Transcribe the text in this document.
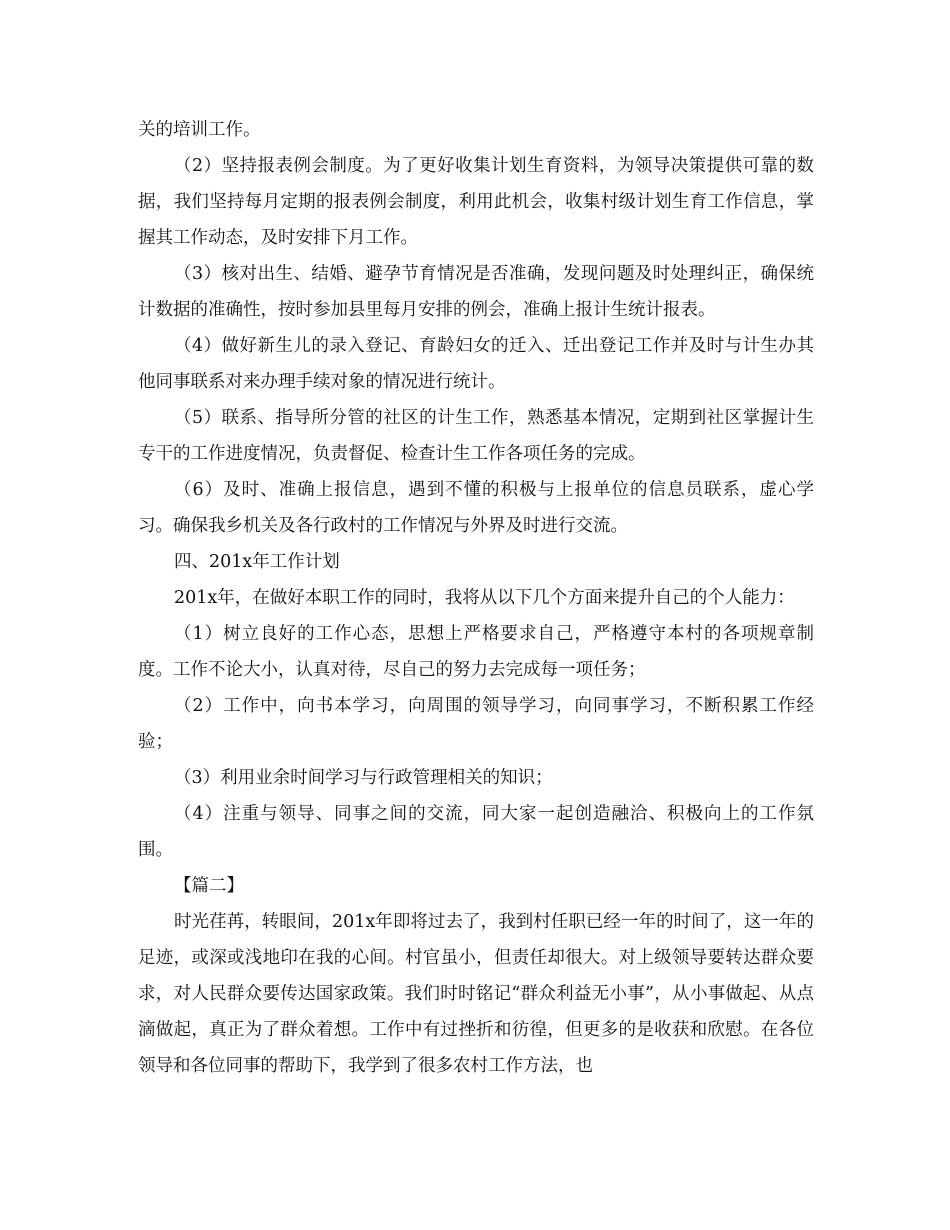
关的培训工作。

（2）坚持报表例会制度。为了更好收集计划生育资料，为领导决策提供可靠的数据，我们坚持每月定期的报表例会制度，利用此机会，收集村级计划生育工作信息，掌握其工作动态，及时安排下月工作。

（3）核对出生、结婚、避孕节育情况是否准确，发现问题及时处理纠正，确保统计数据的准确性，按时参加县里每月安排的例会，准确上报计生统计报表。

（4）做好新生儿的录入登记、育龄妇女的迁入、迁出登记工作并及时与计生办其他同事联系对来办理手续对象的情况进行统计。

（5）联系、指导所分管的社区的计生工作，熟悉基本情况，定期到社区掌握计生专干的工作进度情况，负责督促、检查计生工作各项任务的完成。

（6）及时、准确上报信息，遇到不懂的积极与上报单位的信息员联系，虚心学习。确保我乡机关及各行政村的工作情况与外界及时进行交流。

四、201x年工作计划

201x年，在做好本职工作的同时，我将从以下几个方面来提升自己的个人能力：

（1）树立良好的工作心态，思想上严格要求自己，严格遵守本村的各项规章制度。工作不论大小，认真对待，尽自己的努力去完成每一项任务；

（2）工作中，向书本学习，向周围的领导学习，向同事学习，不断积累工作经验；

（3）利用业余时间学习与行政管理相关的知识；

（4）注重与领导、同事之间的交流，同大家一起创造融洽、积极向上的工作氛围。

【篇二】

时光荏苒，转眼间，201x年即将过去了，我到村任职已经一年的时间了，这一年的足迹，或深或浅地印在我的心间。村官虽小，但责任却很大。对上级领导要转达群众要求，对人民群众要传达国家政策。我们时时铭记“群众利益无小事”，从小事做起、从点滴做起，真正为了群众着想。工作中有过挫折和彷徨，但更多的是收获和欣慰。在各位领导和各位同事的帮助下，我学到了很多农村工作方法，也
